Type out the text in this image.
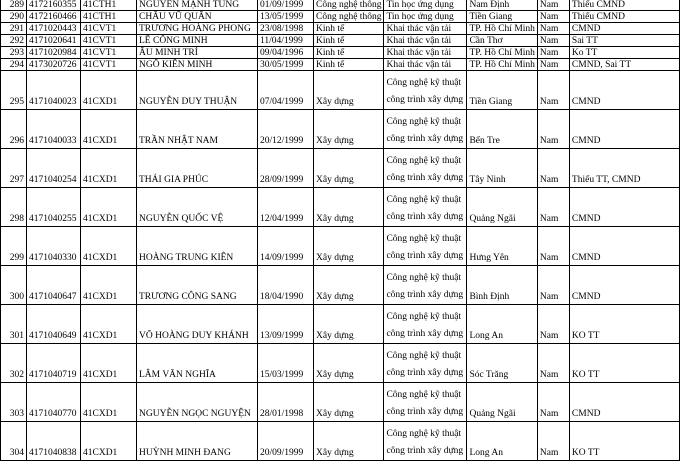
289	4172160355	41CTH1	NGUYỄN MẠNH TÙNG	01/09/1999	Công nghệ thông	Tin học ứng dụng	Nam Định	Nam	Thiếu CMND
290	4172160466	41CTH1	CHÂU VŨ QUÂN	13/05/1999	Công nghệ thông	Tin học ứng dụng	Tiền Giang	Nam	Thiếu CMND
291	4171020443	41CVT1	TRƯƠNG HOÀNG PHONG	23/08/1998	Kinh tế	Khai thác vận tải	TP. Hồ Chí Minh	Nam	CMND
292	4171020641	41CVT1	LÊ CÔNG MINH	11/04/1999	Kinh tế	Khai thác vận tải	Cần Thơ	Nam	Sai TT
293	4171020984	41CVT1	ÂU MINH TRÍ	09/04/1996	Kinh tế	Khai thác vận tải	TP. Hồ Chí Minh	Nam	Ko TT
294	4173020726	41CVT1	NGÔ KIÊN MINH	30/05/1999	Kinh tế	Khai thác vận tải	TP. Hồ Chí Minh	Nam	CMND, Sai TT
295	4171040023	41CXD1	NGUYỄN DUY THUẬN	07/04/1999	Xây dựng	Công nghệ kỹ thuật công trình xây dựng	Tiền Giang	Nam	CMND
296	4171040033	41CXD1	TRẦN NHẬT NAM	20/12/1999	Xây dựng	Công nghệ kỹ thuật công trình xây dựng	Bến Tre	Nam	CMND
297	4171040254	41CXD1	THÁI GIA PHÚC	28/09/1999	Xây dựng	Công nghệ kỹ thuật công trình xây dựng	Tây Ninh	Nam	Thiếu TT, CMND
298	4171040255	41CXD1	NGUYỄN QUỐC VỆ	12/04/1999	Xây dựng	Công nghệ kỹ thuật công trình xây dựng	Quảng Ngãi	Nam	CMND
299	4171040330	41CXD1	HOÀNG TRUNG KIÊN	14/09/1999	Xây dựng	Công nghệ kỹ thuật công trình xây dựng	Hưng Yên	Nam	CMND
300	4171040647	41CXD1	TRƯƠNG CÔNG SANG	18/04/1990	Xây dựng	Công nghệ kỹ thuật công trình xây dựng	Bình Định	Nam	CMND
301	4171040649	41CXD1	VÕ HOÀNG DUY KHÁNH	13/09/1999	Xây dựng	Công nghệ kỹ thuật công trình xây dựng	Long An	Nam	KO TT
302	4171040719	41CXD1	LÂM VĂN NGHĨA	15/03/1999	Xây dựng	Công nghệ kỹ thuật công trình xây dựng	Sóc Trăng	Nam	KO TT
303	4171040770	41CXD1	NGUYỄN NGỌC NGUYỆN	28/01/1998	Xây dựng	Công nghệ kỹ thuật công trình xây dựng	Quảng Ngãi	Nam	CMND
304	4171040838	41CXD1	HUỲNH MINH ĐANG	20/09/1999	Xây dựng	Công nghệ kỹ thuật công trình xây dựng	Long An	Nam	KO TT
